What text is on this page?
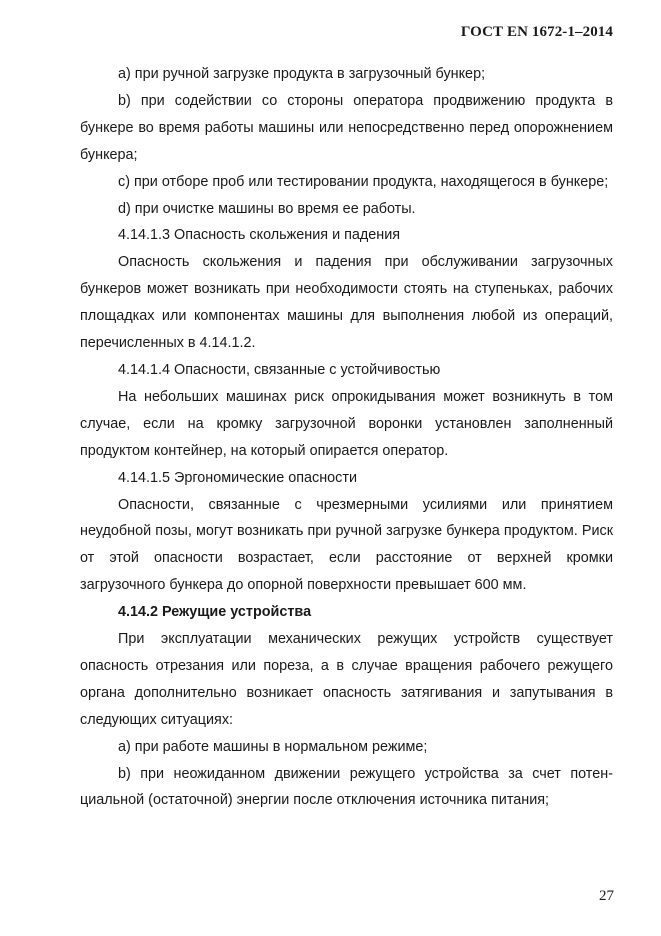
ГОСТ EN 1672-1–2014

а) при ручной загрузке продукта в загрузочный бункер;

b) при содействии со стороны оператора продвижению продукта в бункере во время работы машины или непосредственно перед опорожнением бункера;

с) при отборе проб или тестировании продукта, находящегося в бункере;

d) при очистке машины во время ее работы.

4.14.1.3 Опасность скольжения и падения

Опасность скольжения и падения при обслуживании загрузочных бункеров может возникать при необходимости стоять на ступеньках, рабочих площадках или компонентах машины для выполнения любой из операций, перечисленных в 4.14.1.2.

4.14.1.4 Опасности, связанные с устойчивостью

На небольших машинах риск опрокидывания может возникнуть в том случае, если на кромку загрузочной воронки установлен заполненный продуктом контейнер, на который опирается оператор.

4.14.1.5 Эргономические опасности

Опасности, связанные с чрезмерными усилиями или принятием неудобной позы, могут возникать при ручной загрузке бункера продуктом. Риск от этой опасности возрастает, если расстояние от верхней кромки загрузочного бункера до опорной поверхности превышает 600 мм.

4.14.2 Режущие устройства

При эксплуатации механических режущих устройств существует опасность отрезания или пореза, а в случае вращения рабочего режущего органа дополнительно возникает опасность затягивания и запутывания в следующих ситуациях:

а) при работе машины в нормальном режиме;

b) при неожиданном движении режущего устройства за счет потенциальной (остаточной) энергии после отключения источника питания;

27
